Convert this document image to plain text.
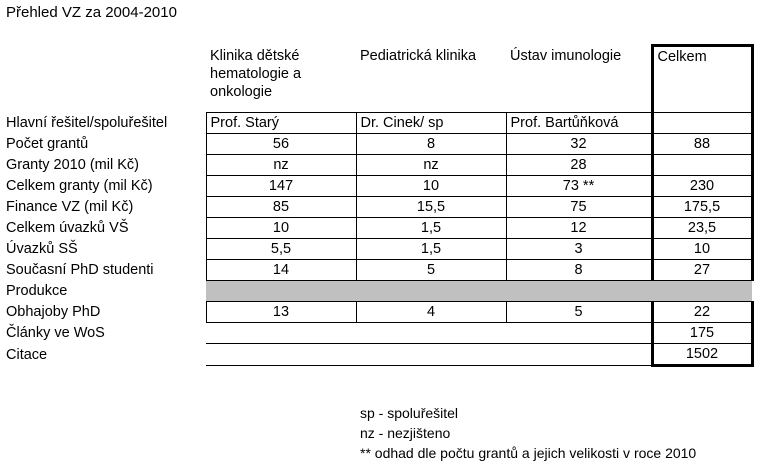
Přehled VZ za 2004-2010
	Klinika dětské hematologie a onkologie	Pediatrická klinika	Ústav imunologie	Celkem
Hlavní řešitel/spoluřešitel	Prof. Starý	Dr. Cinek/ sp	Prof. Bartůňková	
Počet grantů	56	8	32	88
Granty 2010 (mil Kč)	nz	nz	28	
Celkem granty (mil Kč)	147	10	73 **	230
Finance VZ (mil Kč)	85	15,5	75	175,5
Celkem úvazků VŠ	10	1,5	12	23,5
Úvazků SŠ	5,5	1,5	3	10
Současní PhD studenti	14	5	8	27
Produkce				
Obhajoby PhD	13	4	5	22
Články ve WoS				175
Citace				1502
sp - spoluřešitel
nz - nezjišteno
** odhad dle počtu grantů a jejich velikosti v roce 2010
